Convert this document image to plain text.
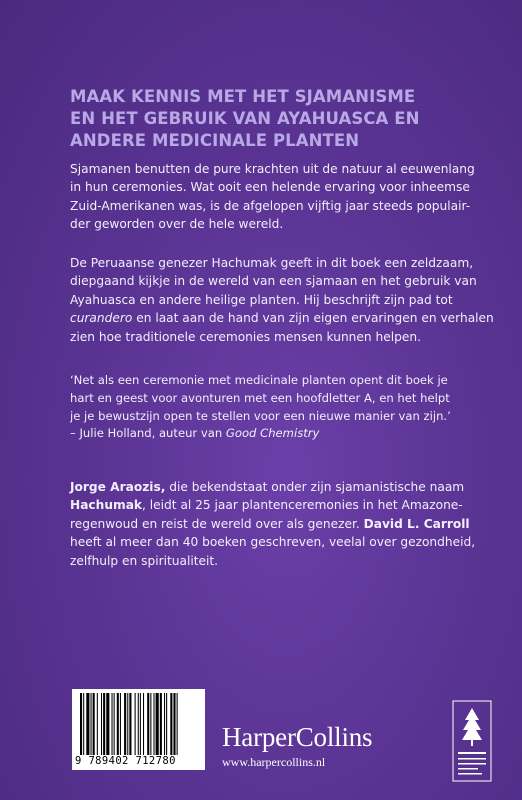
MAAK KENNIS MET HET SJAMANISME
EN HET GEBRUIK VAN AYAHUASCA EN
ANDERE MEDICINALE PLANTEN
Sjamanen benutten de pure krachten uit de natuur al eeuwenlang
in hun ceremonies. Wat ooit een helende ervaring voor inheemse
Zuid-Amerikanen was, is de afgelopen vijftig jaar steeds populair-
der geworden over de hele wereld.
De Peruaanse genezer Hachumak geeft in dit boek een zeldzaam,
diepgaand kijkje in de wereld van een sjamaan en het gebruik van
Ayahuasca en andere heilige planten. Hij beschrijft zijn pad tot
curandero en laat aan de hand van zijn eigen ervaringen en verhalen
zien hoe traditionele ceremonies mensen kunnen helpen.
‘Net als een ceremonie met medicinale planten opent dit boek je
hart en geest voor avonturen met een hoofdletter A, en het helpt
je je bewustzijn open te stellen voor een nieuwe manier van zijn.’
– Julie Holland, auteur van Good Chemistry
Jorge Araozis, die bekendstaat onder zijn sjamanistische naam
Hachumak, leidt al 25 jaar plantenceremonies in het Amazone-
regenwoud en reist de wereld over als genezer. David L. Carroll
heeft al meer dan 40 boeken geschreven, veelal over gezondheid,
zelfhulp en spiritualiteit.
9 789402 712780
HarperCollins
www.harpercollins.nl
